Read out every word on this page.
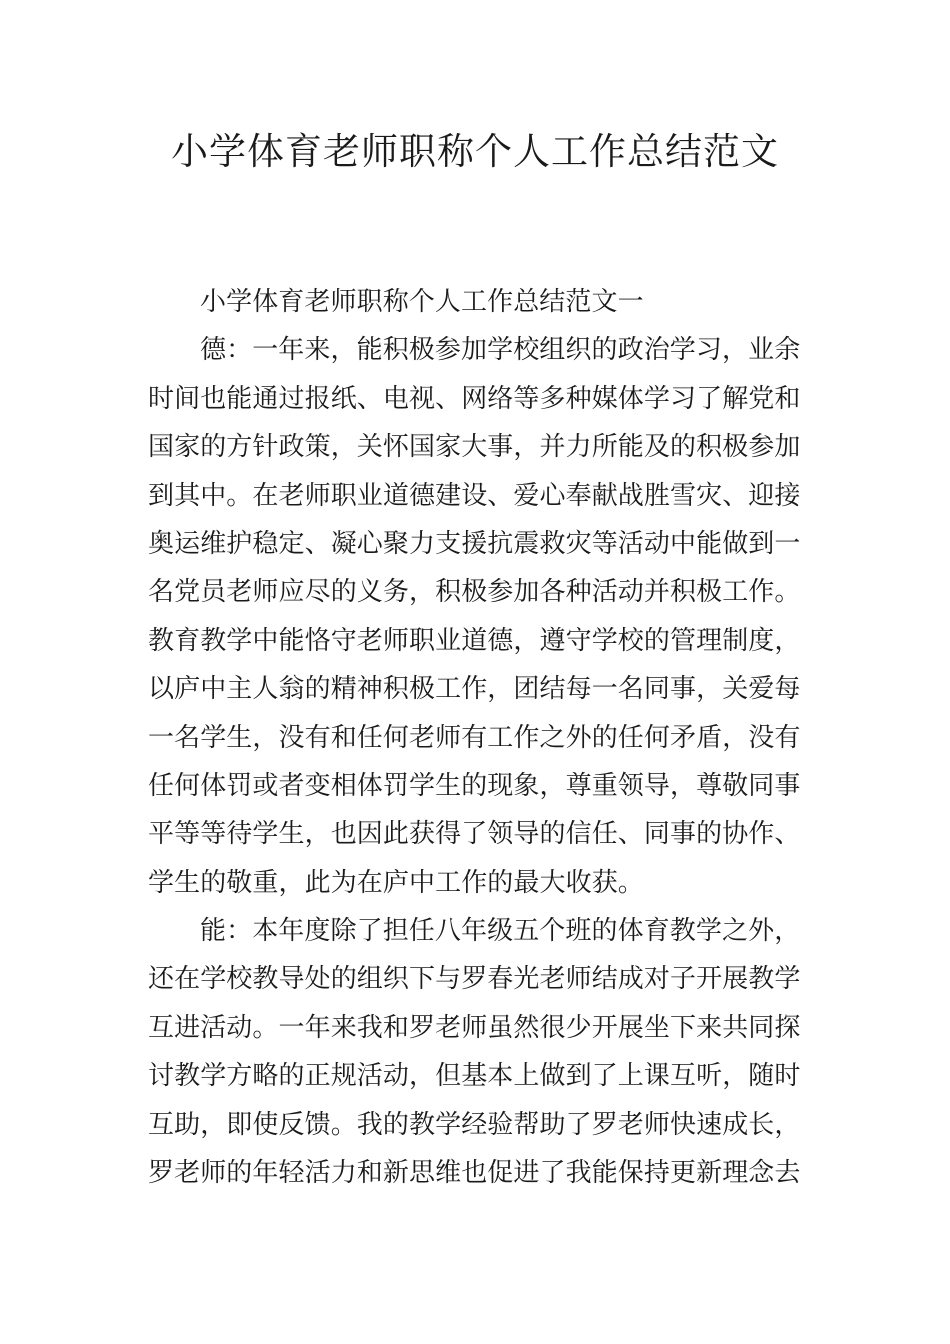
小学体育老师职称个人工作总结范文
小学体育老师职称个人工作总结范文一
德：一年来，能积极参加学校组织的政治学习，业余
时间也能通过报纸、电视、网络等多种媒体学习了解党和
国家的方针政策，关怀国家大事，并力所能及的积极参加
到其中。在老师职业道德建设、爱心奉献战胜雪灾、迎接
奥运维护稳定、凝心聚力支援抗震救灾等活动中能做到一
名党员老师应尽的义务，积极参加各种活动并积极工作。
教育教学中能恪守老师职业道德，遵守学校的管理制度，
以庐中主人翁的精神积极工作，团结每一名同事，关爱每
一名学生，没有和任何老师有工作之外的任何矛盾，没有
任何体罚或者变相体罚学生的现象，尊重领导，尊敬同事
平等等待学生，也因此获得了领导的信任、同事的协作、
学生的敬重，此为在庐中工作的最大收获。
能：本年度除了担任八年级五个班的体育教学之外，
还在学校教导处的组织下与罗春光老师结成对子开展教学
互进活动。一年来我和罗老师虽然很少开展坐下来共同探
讨教学方略的正规活动，但基本上做到了上课互听，随时
互助，即使反馈。我的教学经验帮助了罗老师快速成长，
罗老师的年轻活力和新思维也促进了我能保持更新理念去
